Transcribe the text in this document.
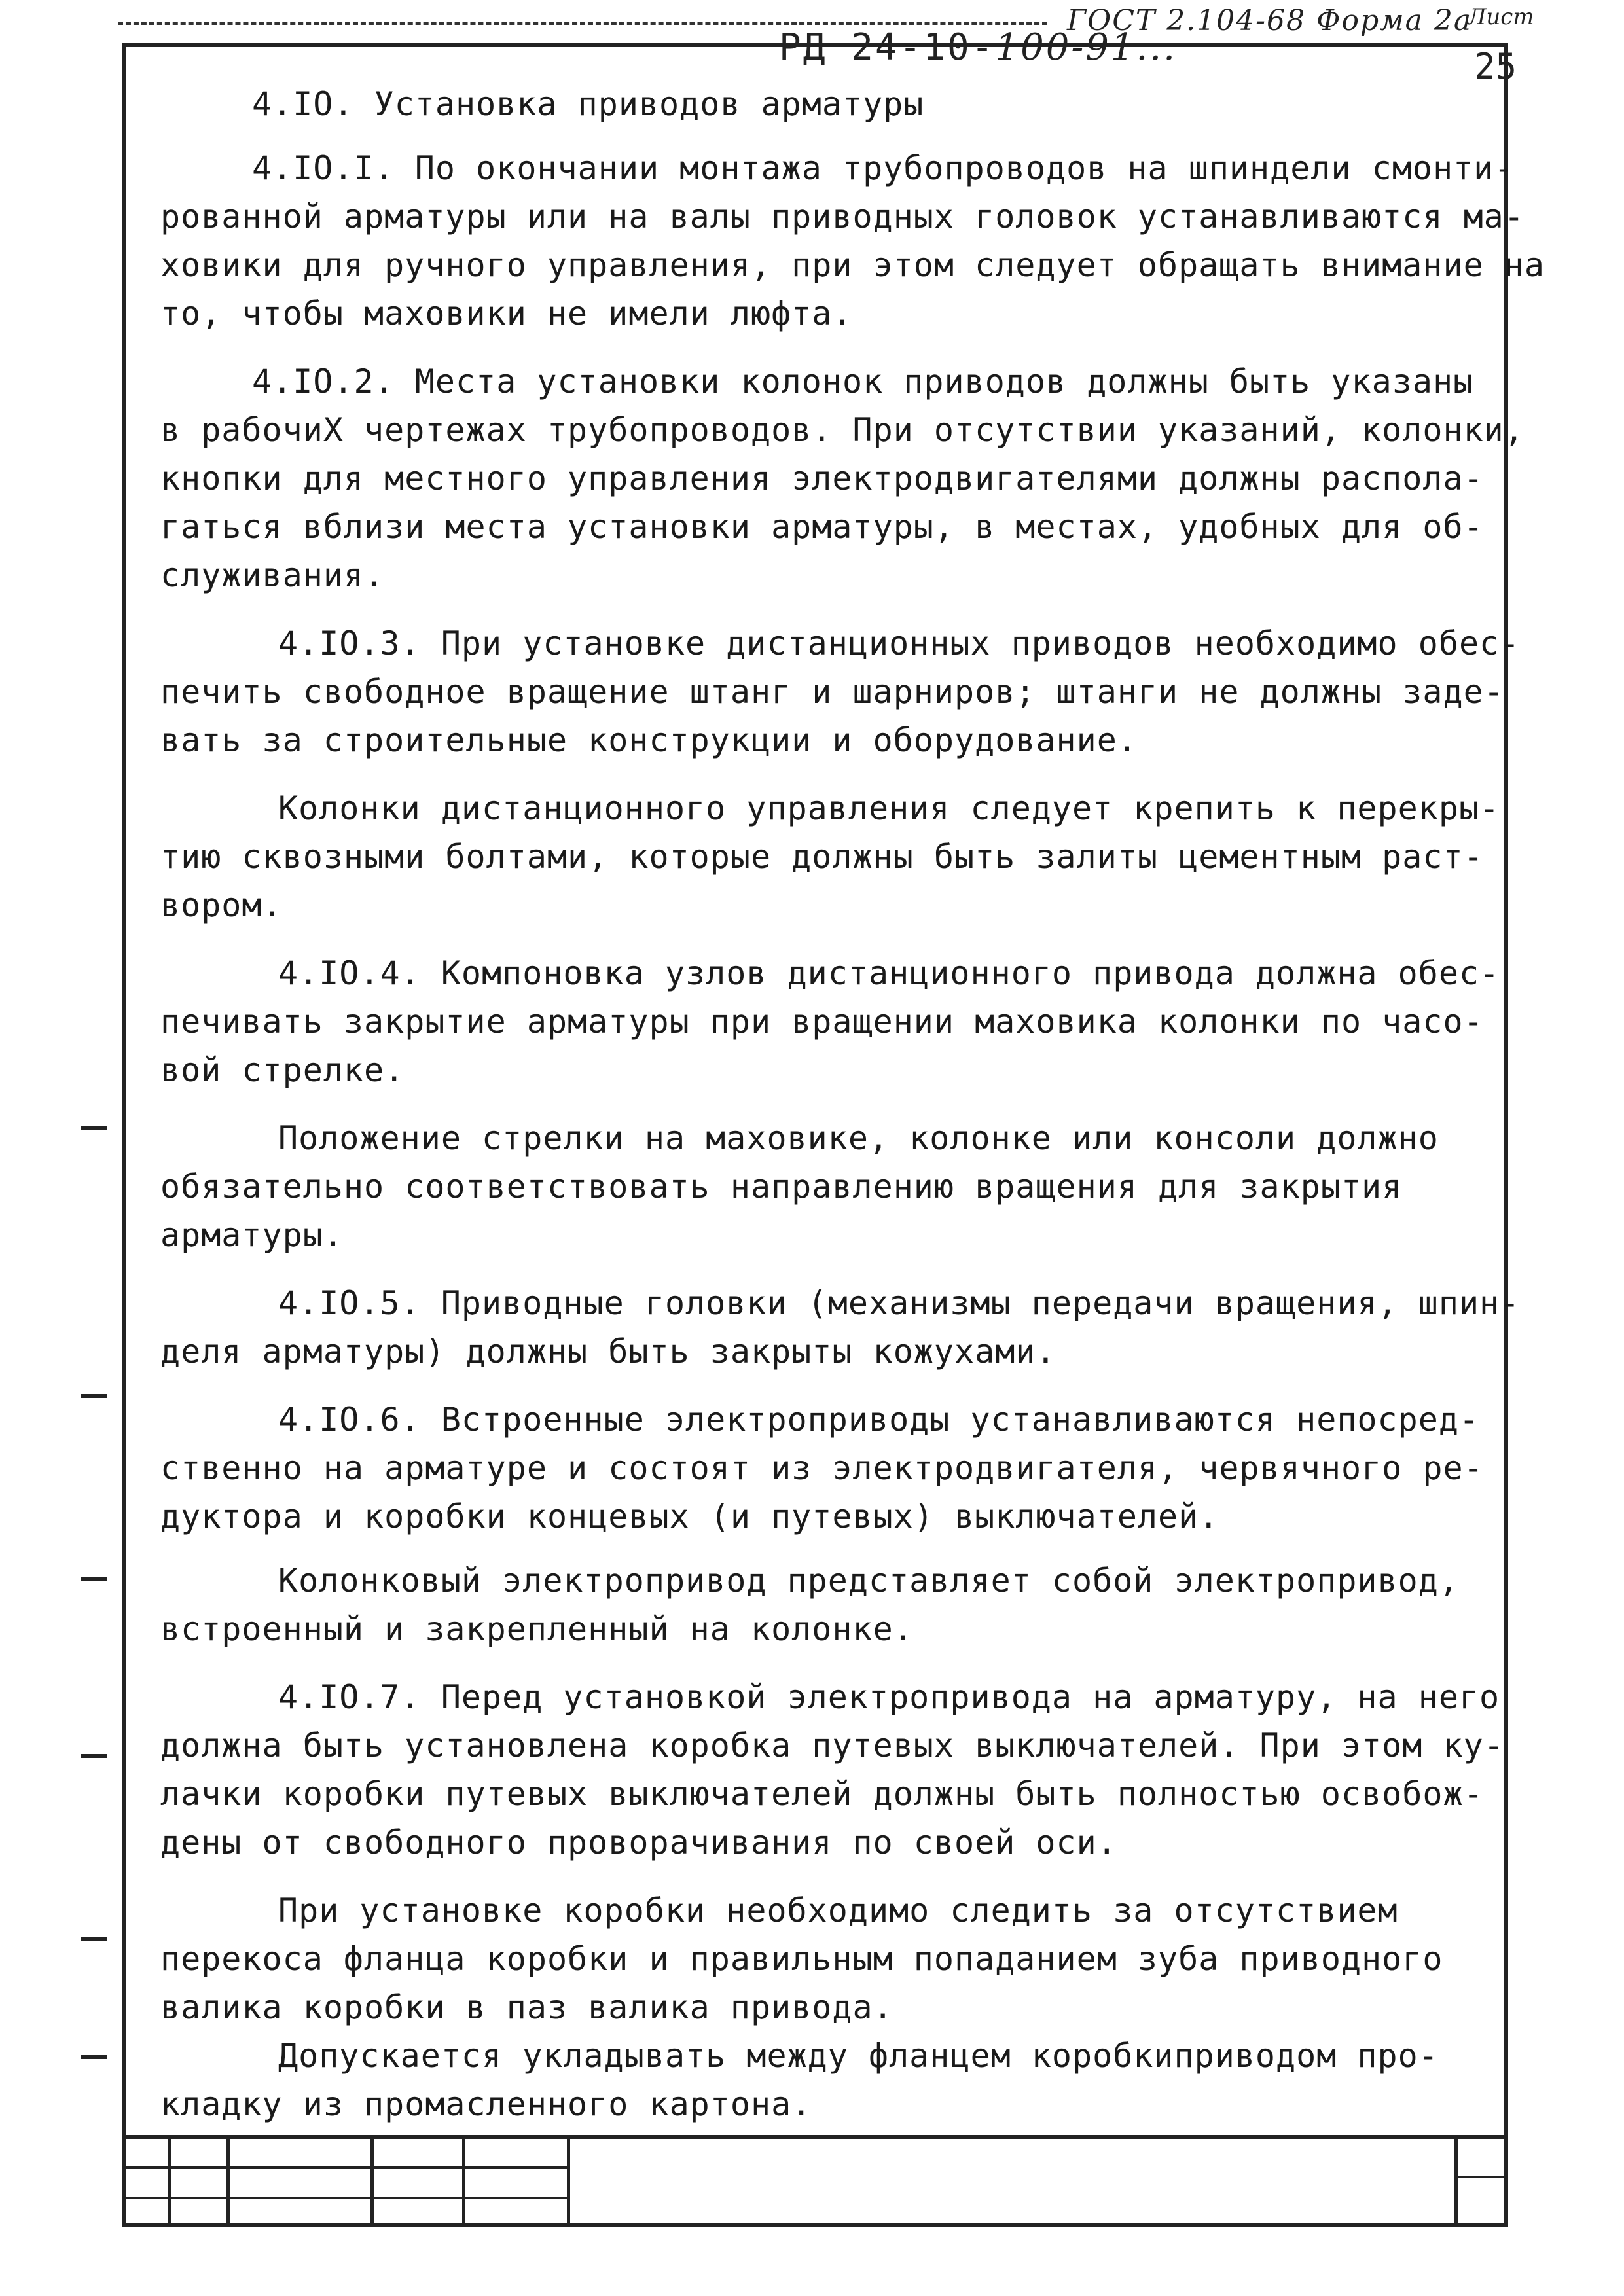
ГОСТ 2.104-68 Форма 2а
4.IO. Установка приводов арматуры
4.IO.I. По окончании монтажа трубопроводов на шпиндели смонти-
рованной арматуры или на валы приводных головок устанавливаются ма-
ховики для ручного управления, при этом следует обращать внимание на
то, чтобы маховики не имели люфта.
4.IO.2. Места установки колонок приводов должны быть указаны
в рабочиХ чертежах трубопроводов. При отсутствии указаний, колонки,
кнопки для местного управления электродвигателями должны распола-
гаться вблизи места установки арматуры, в местах, удобных для об-
служивания.
4.IO.3. При установке дистанционных приводов необходимо обес-
печить свободное вращение штанг и шарниров; штанги не должны заде-
вать за строительные конструкции и оборудование.
Колонки дистанционного управления следует крепить к перекры-
тию сквозными болтами, которые должны быть залиты цементным раст-
вором.
4.IO.4. Компоновка узлов дистанционного привода должна обес-
печивать закрытие арматуры при вращении маховика колонки по часо-
вой стрелке.
Положение стрелки на маховике, колонке или консоли должно
обязательно соответствовать направлению вращения для закрытия
арматуры.
4.IO.5. Приводные головки (механизмы передачи вращения, шпин-
деля арматуры) должны быть закрыты кожухами.
4.IO.6. Встроенные электроприводы устанавливаются непосред-
ственно на арматуре и состоят из электродвигателя, червячного ре-
дуктора и коробки концевых (и путевых) выключателей.
Колонковый электропривод представляет собой электропривод,
встроенный и закрепленный на колонке.
4.IO.7. Перед установкой электропривода на арматуру, на него
должна быть установлена коробка путевых выключателей. При этом ку-
лачки коробки путевых выключателей должны быть полностью освобож-
дены от свободного проворачивания по своей оси.
При установке коробки необходимо следить за отсутствием
перекоса фланца коробки и правильным попаданием зуба приводного
валика коробки в паз валика привода.
Допускается укладывать между фланцем коробкиприводом про-
кладку из промасленного картона.
РД 24-10-100-91...
Лист
25
